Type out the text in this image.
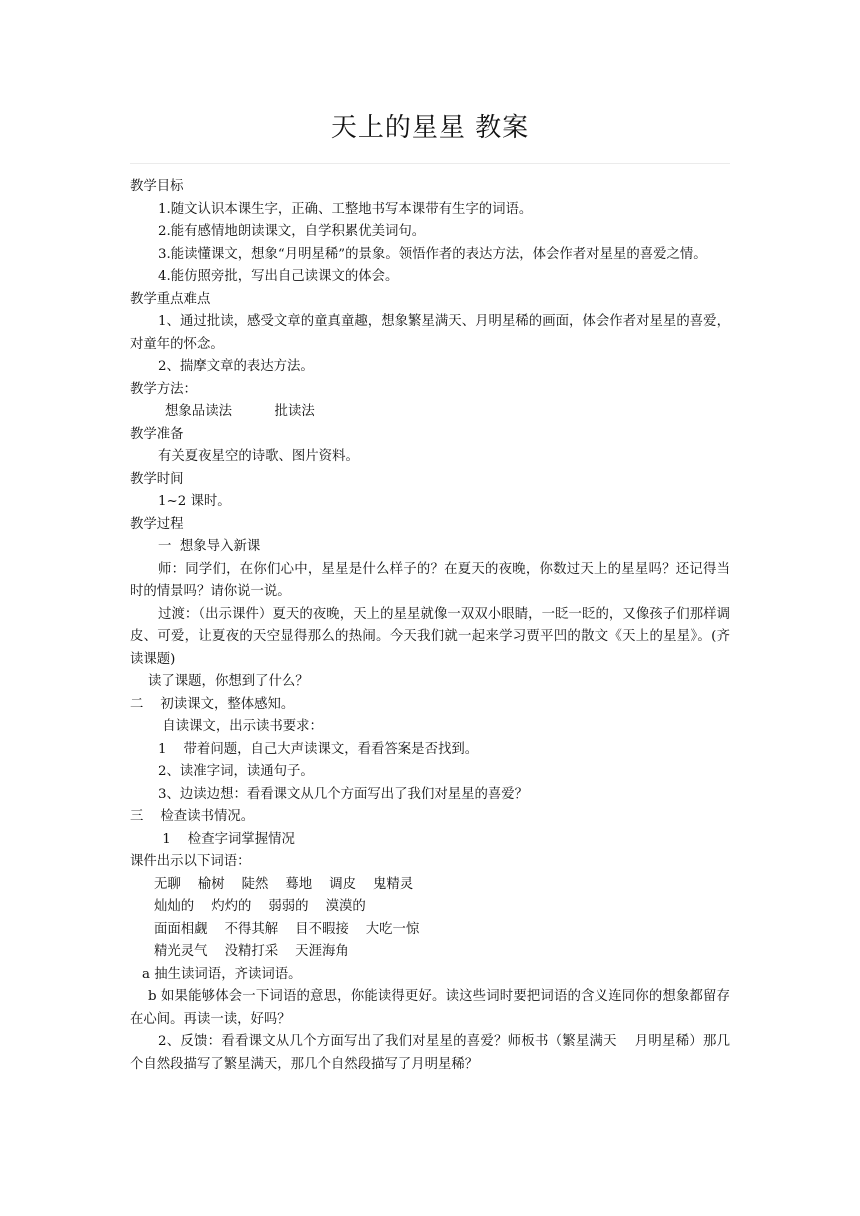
天上的星星 教案

教学目标

1.随文认识本课生字，正确、工整地书写本课带有生字的词语。

2.能有感情地朗读课文，自学积累优美词句。

3.能读懂课文，想象“月明星稀”的景象。领悟作者的表达方法，体会作者对星星的喜爱之情。

4.能仿照旁批，写出自己读课文的体会。

教学重点难点

1、通过批读，感受文章的童真童趣，想象繁星满天、月明星稀的画面，体会作者对星星的喜爱，对童年的怀念。

2、揣摩文章的表达方法。

教学方法：

想象品读法          批读法

教学准备

有关夏夜星空的诗歌、图片资料。

教学时间

1~2 课时。

教学过程

一  想象导入新课

师：同学们，在你们心中，星星是什么样子的？在夏天的夜晚，你数过天上的星星吗？还记得当时的情景吗？请你说一说。

过渡：（出示课件）夏天的夜晚，天上的星星就像一双双小眼睛，一眨一眨的，又像孩子们那样调皮、可爱，让夏夜的天空显得那么的热闹。今天我们就一起来学习贾平凹的散文《天上的星星》。(齐读课题)

读了课题，你想到了什么？

二    初读课文，整体感知。

自读课文，出示读书要求：

1    带着问题，自己大声读课文，看看答案是否找到。

2、读准字词，读通句子。

3、边读边想：看看课文从几个方面写出了我们对星星的喜爱？

三    检查读书情况。

1    检查字词掌握情况

课件出示以下词语：

无聊    榆树    陡然    蓦地    调皮    鬼精灵

灿灿的    灼灼的    弱弱的    漠漠的

面面相觑    不得其解    目不暇接    大吃一惊

精光灵气    没精打采    天涯海角

a 抽生读词语，齐读词语。

b 如果能够体会一下词语的意思，你能读得更好。读这些词时要把词语的含义连同你的想象都留存在心间。再读一读，好吗？

2、反馈：看看课文从几个方面写出了我们对星星的喜爱？师板书（繁星满天    月明星稀）那几个自然段描写了繁星满天，那几个自然段描写了月明星稀？
